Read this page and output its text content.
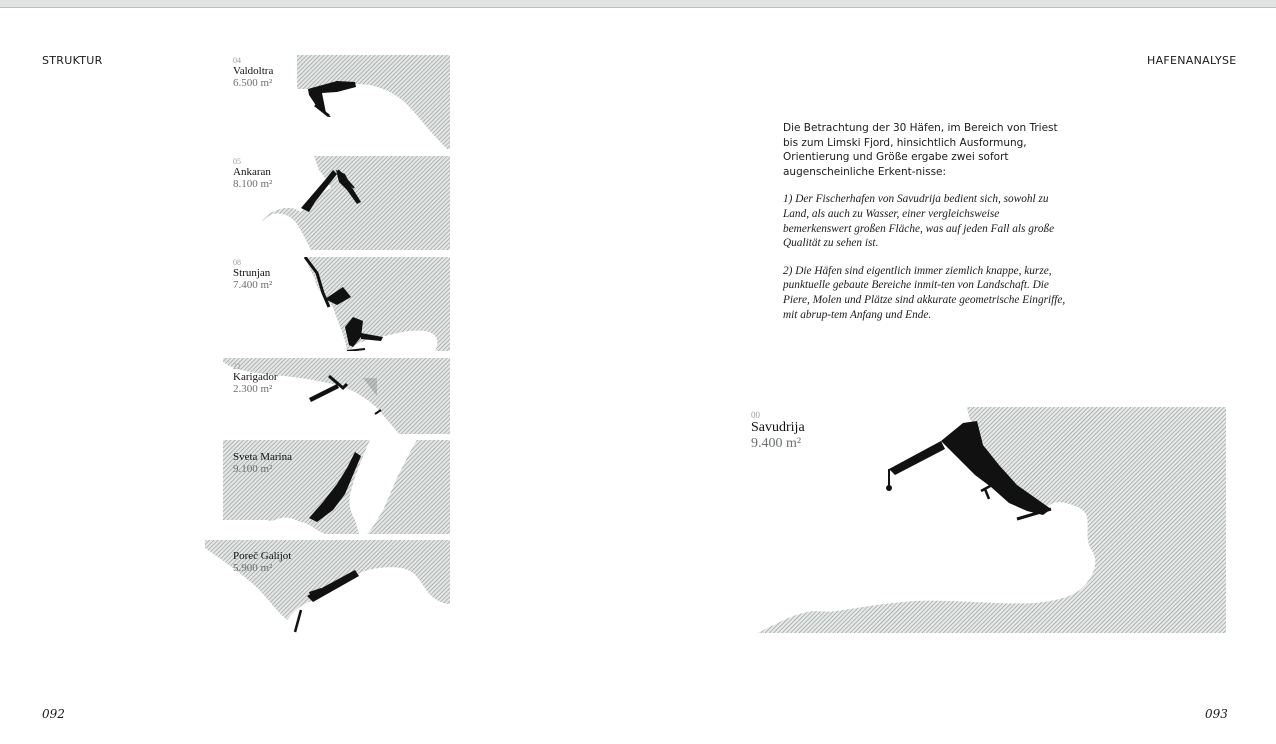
STRUKTUR	HAFENANALYSE
04
Valdoltra
6.500 m²
05
Ankaran
8.100 m²
08
Strunjan
7.400 m²
21
Karigador
2.300 m²
Sveta Marina
9.100 m²
Poreč Galijot
5.900 m²

Die Betrachtung der 30 Häfen, im Bereich von Triest bis zum Limski Fjord, hinsichtlich Ausformung, Orientierung und Größe ergabe zwei sofort augenscheinliche Erkent-nisse:

1) Der Fischerhafen von Savudrija bedient sich, sowohl zu Land, als auch zu Wasser, einer vergleichsweise bemerkenswert großen Fläche, was auf jeden Fall als große Qualität zu sehen ist.

2) Die Häfen sind eigentlich immer ziemlich knappe, kurze, punktuelle gebaute Bereiche inmit-ten von Landschaft. Die Piere, Molen und Plätze sind akkurate geometrische Eingriffe, mit abrup-tem Anfang und Ende.

00
Savudrija
9.400 m²
092	093
